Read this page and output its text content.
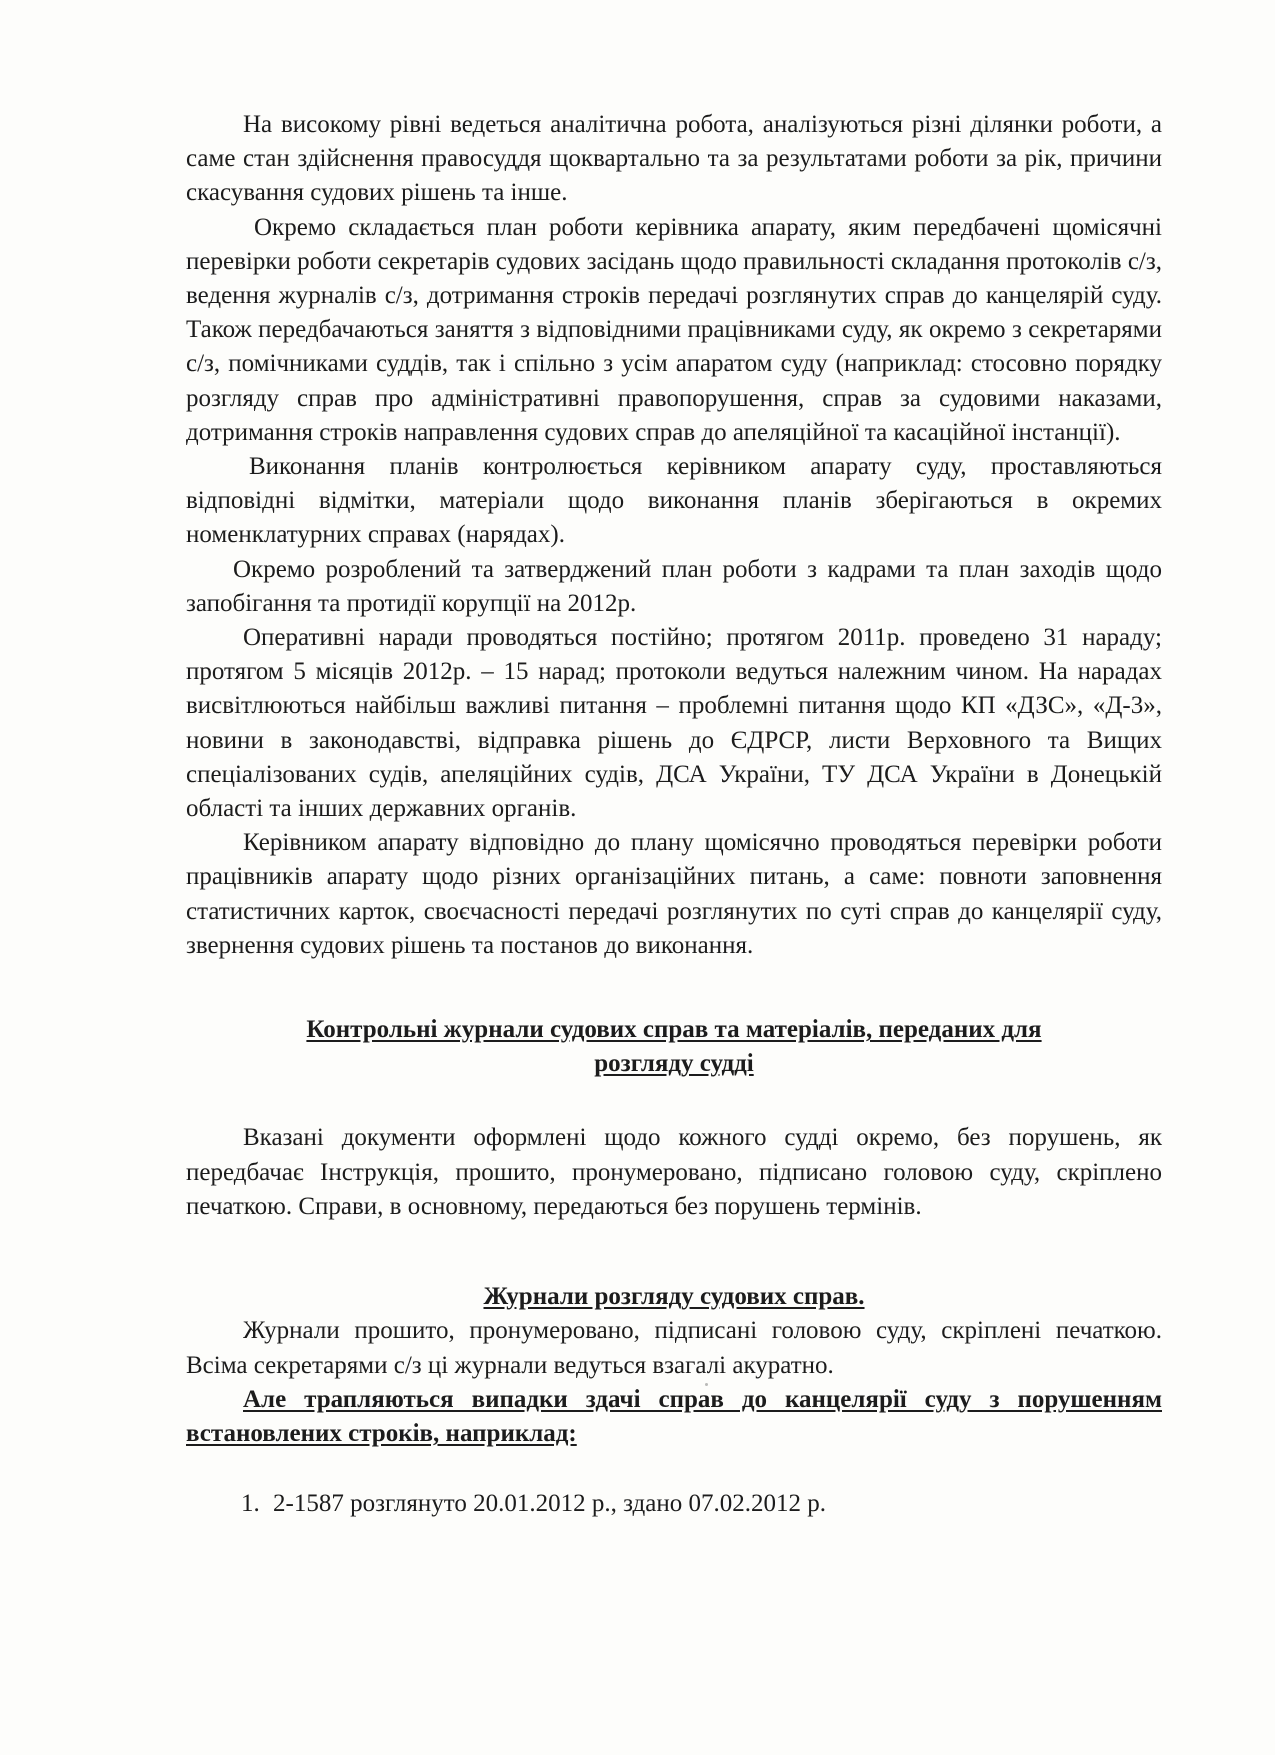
На високому рівні ведеться аналітична робота, аналізуються різні ділянки роботи, а саме стан здійснення правосуддя щоквартально та за результатами роботи за рік, причини скасування судових рішень та інше.

Окремо складається план роботи керівника апарату, яким передбачені щомісячні перевірки роботи секретарів судових засідань щодо правильності складання протоколів с/з, ведення журналів с/з, дотримання строків передачі розглянутих справ до канцелярій суду. Також передбачаються заняття з відповідними працівниками суду, як окремо з секретарями с/з, помічниками суддів, так і спільно з усім апаратом суду (наприклад: стосовно порядку розгляду справ про адміністративні правопорушення, справ за судовими наказами, дотримання строків направлення судових справ до апеляційної та касаційної інстанції).

Виконання планів контролюється керівником апарату суду, проставляються відповідні відмітки, матеріали щодо виконання планів зберігаються в окремих номенклатурних справах (нарядах).

Окремо розроблений та затверджений план роботи з кадрами та план заходів щодо запобігання та протидії корупції на 2012р.

Оперативні наради проводяться постійно; протягом 2011р. проведено 31 нараду; протягом 5 місяців 2012р. – 15 нарад; протоколи ведуться належним чином. На нарадах висвітлюються найбільш важливі питання – проблемні питання щодо КП «ДЗС», «Д-3», новини в законодавстві, відправка рішень до ЄДРСР, листи Верховного та Вищих спеціалізованих судів, апеляційних судів, ДСА України, ТУ ДСА України в Донецькій області та інших державних органів.

Керівником апарату відповідно до плану щомісячно проводяться перевірки роботи працівників апарату щодо різних організаційних питань, а саме: повноти заповнення статистичних карток, своєчасності передачі розглянутих по суті справ до канцелярії суду, звернення судових рішень та постанов до виконання.

Контрольні журнали судових справ та матеріалів, переданих для
розгляду судді

Вказані документи оформлені щодо кожного судді окремо, без порушень, як передбачає Інструкція, прошито, пронумеровано, підписано головою суду, скріплено печаткою. Справи, в основному, передаються без порушень термінів.

Журнали розгляду судових справ.

Журнали прошито, пронумеровано, підписані головою суду, скріплені печаткою. Всіма секретарями с/з ці журнали ведуться взагалі акуратно.

Але трапляються випадки здачі справ до канцелярії суду з порушенням встановлених строків, наприклад:

1. 2-1587 розглянуто 20.01.2012 р., здано 07.02.2012 р.
